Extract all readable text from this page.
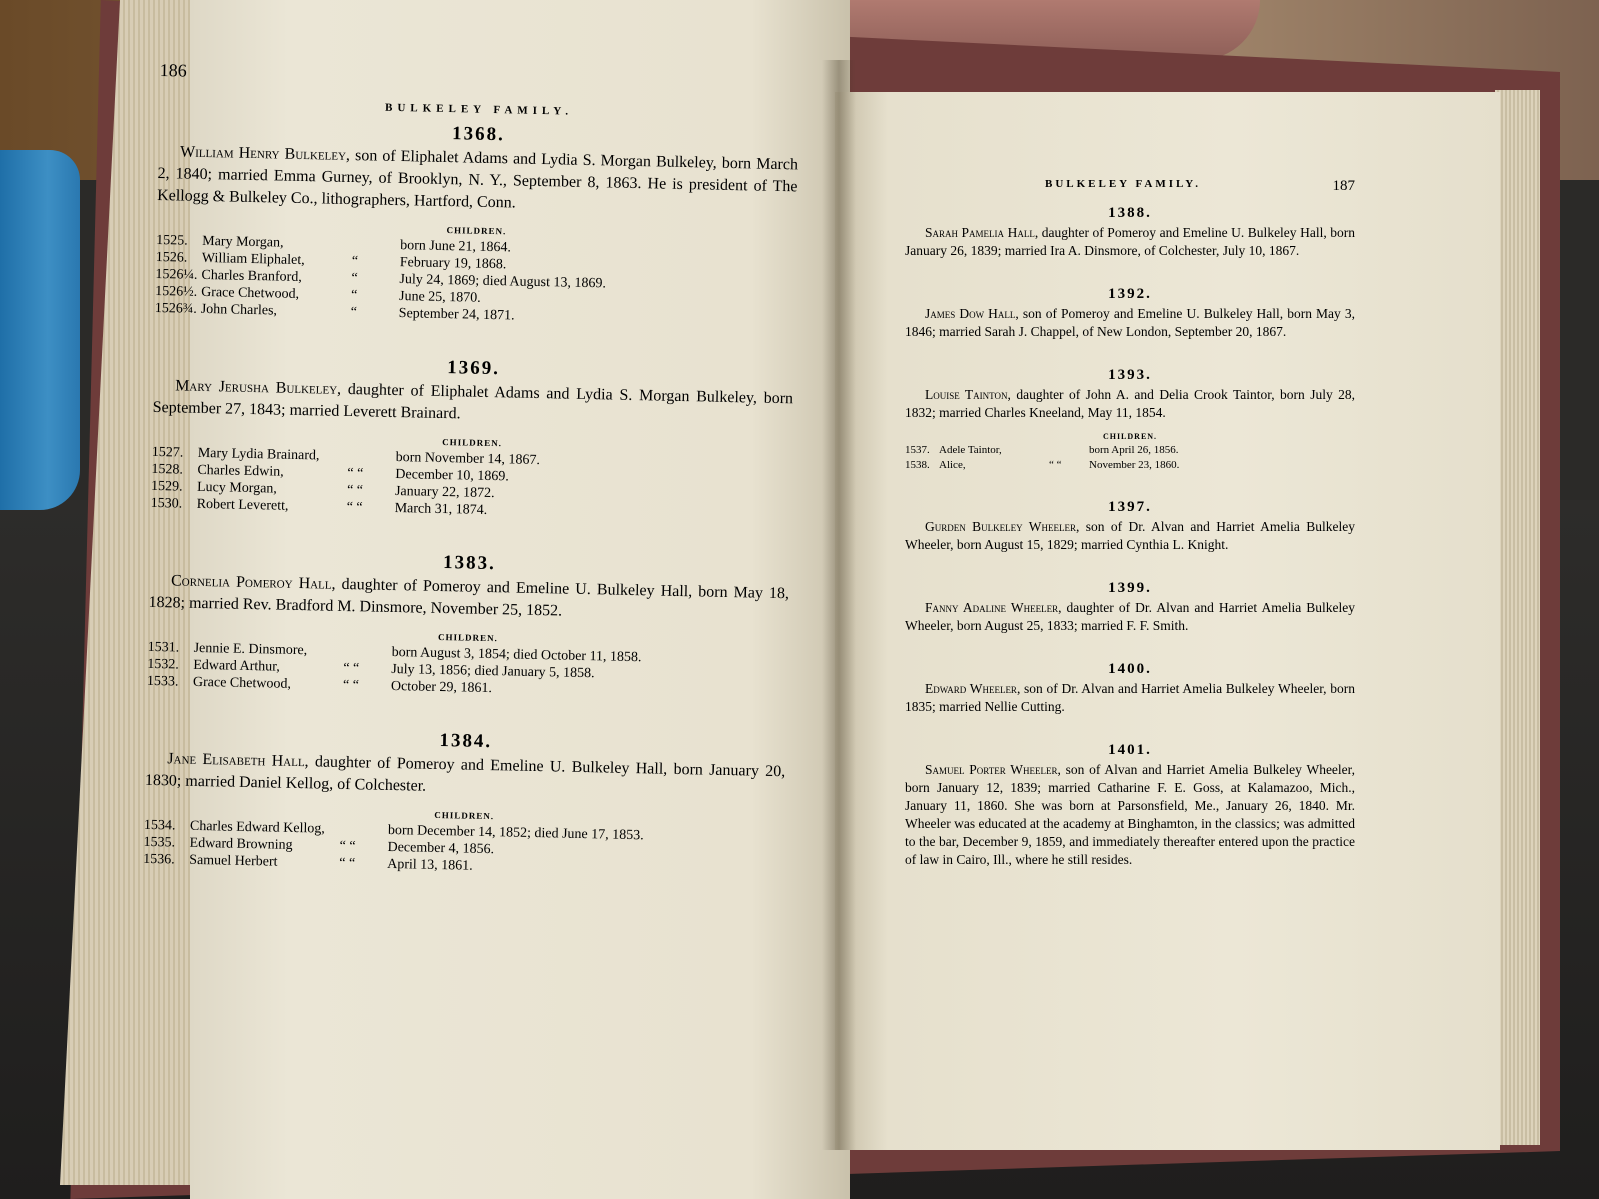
186
BULKELEY FAMILY.
1368.

William Henry Bulkeley, son of Eliphalet Adams and Lydia S. Morgan Bulkeley, born March 2, 1840; married Emma Gurney, of Brooklyn, N. Y., September 8, 1863. He is president of The Kellogg & Bulkeley Co., lithographers, Hartford, Conn.

CHILDREN.
1525.	Mary Morgan,	born June 21, 1864.
1526.	William Eliphalet,	“	February 19, 1868.
1526¼. Charles Branford,	“	July 24, 1869; died August 13, 1869.
1526½. Grace Chetwood,	“	June 25, 1870.
1526¾. John Charles,	“	September 24, 1871.
1369.

Mary Jerusha Bulkeley, daughter of Eliphalet Adams and Lydia S. Morgan Bulkeley, born September 27, 1843; married Leverett Brainard.

CHILDREN.
1527.	Mary Lydia Brainard,	born November 14, 1867.
1528.	Charles Edwin,	“ “	December 10, 1869.
1529.	Lucy Morgan,	“ “	January 22, 1872.
1530.	Robert Leverett,	“ “	March 31, 1874.
1383.

Cornelia Pomeroy Hall, daughter of Pomeroy and Emeline U. Bulkeley Hall, born May 18, 1828; married Rev. Bradford M. Dinsmore, November 25, 1852.

CHILDREN.
1531.	Jennie E. Dinsmore,	born August 3, 1854; died October 11, 1858.
1532.	Edward Arthur,	“ “	July 13, 1856; died January 5, 1858.
1533.	Grace Chetwood,	“ “	October 29, 1861.
1384.

Jane Elisabeth Hall, daughter of Pomeroy and Emeline U. Bulkeley Hall, born January 20, 1830; married Daniel Kellog, of Colchester.

CHILDREN.
1534.	Charles Edward Kellog,	born December 14, 1852; died June 17, 1853.
1535.	Edward Browning	“ “	December 4, 1856.
1536.	Samuel Herbert	“ “	April 13, 1861.
BULKELEY FAMILY.	187
1388.

Sarah Pamelia Hall, daughter of Pomeroy and Emeline U. Bulkeley Hall, born January 26, 1839; married Ira A. Dinsmore, of Colchester, July 10, 1867.

1392.

James Dow Hall, son of Pomeroy and Emeline U. Bulkeley Hall, born May 3, 1846; married Sarah J. Chappel, of New London, September 20, 1867.

1393.

Louise Tainton, daughter of John A. and Delia Crook Taintor, born July 28, 1832; married Charles Kneeland, May 11, 1854.

CHILDREN.
1537. Adele Taintor,	born April 26, 1856.
1538. Alice,	“ “	November 23, 1860.
1397.

Gurden Bulkeley Wheeler, son of Dr. Alvan and Harriet Amelia Bulkeley Wheeler, born August 15, 1829; married Cynthia L. Knight.

1399.

Fanny Adaline Wheeler, daughter of Dr. Alvan and Harriet Amelia Bulkeley Wheeler, born August 25, 1833; married F. F. Smith.

1400.

Edward Wheeler, son of Dr. Alvan and Harriet Amelia Bulkeley Wheeler, born 1835; married Nellie Cutting.

1401.

Samuel Porter Wheeler, son of Alvan and Harriet Amelia Bulkeley Wheeler, born January 12, 1839; married Catharine F. E. Goss, at Kalamazoo, Mich., January 11, 1860. She was born at Parsonsfield, Me., January 26, 1840. Mr. Wheeler was educated at the academy at Binghamton, in the classics; was admitted to the bar, December 9, 1859, and immediately thereafter entered upon the practice of law in Cairo, Ill., where he still resides.
